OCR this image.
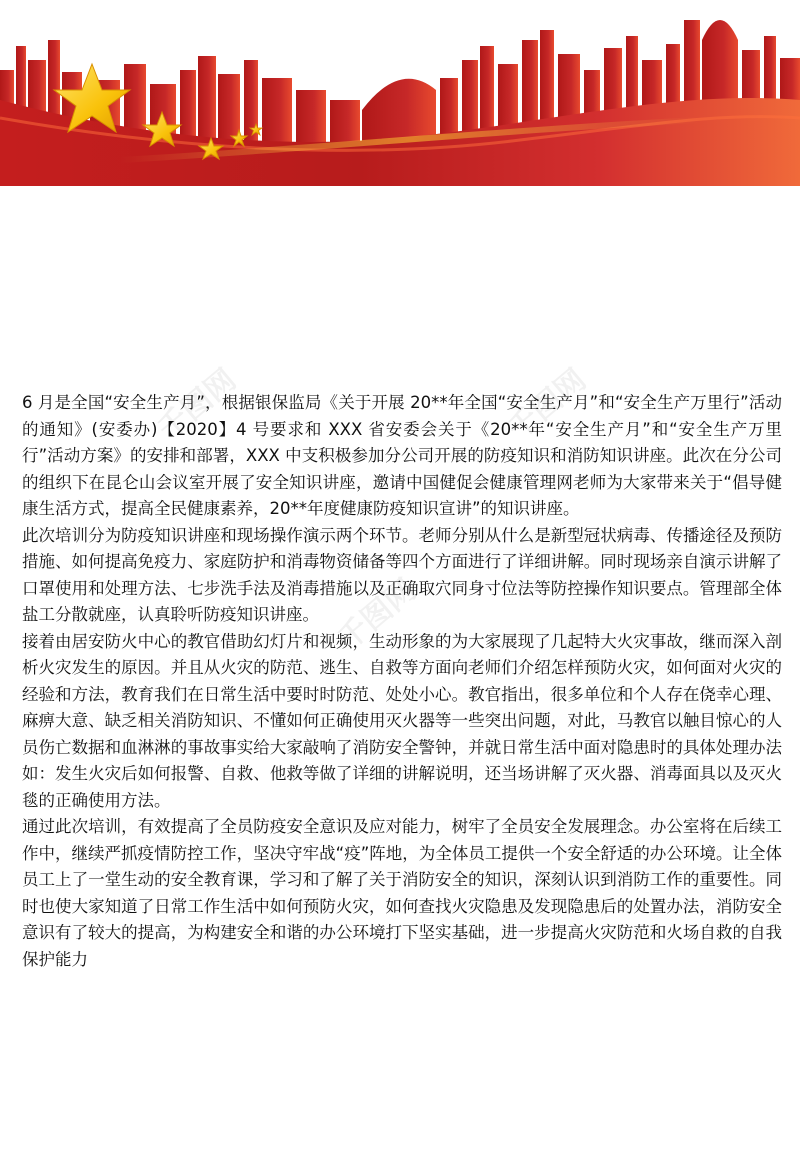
千图网	千图网
千图网

6 月是全国“安全生产月”，根据银保监局《关于开展 20**年全国“安全生产月”和“安全生产万里行”活动的通知》(安委办)【2020】4 号要求和 XXX 省安委会关于《20**年“安全生产月”和“安全生产万里行”活动方案》的安排和部署，XXX 中支积极参加分公司开展的防疫知识和消防知识讲座。此次在分公司的组织下在昆仑山会议室开展了安全知识讲座，邀请中国健促会健康管理网老师为大家带来关于“倡导健康生活方式，提高全民健康素养，20**年度健康防疫知识宣讲”的知识讲座。

此次培训分为防疫知识讲座和现场操作演示两个环节。老师分别从什么是新型冠状病毒、传播途径及预防措施、如何提高免疫力、家庭防护和消毒物资储备等四个方面进行了详细讲解。同时现场亲自演示讲解了口罩使用和处理方法、七步洗手法及消毒措施以及正确取穴同身寸位法等防控操作知识要点。管理部全体盐工分散就座，认真聆听防疫知识讲座。

接着由居安防火中心的教官借助幻灯片和视频，生动形象的为大家展现了几起特大火灾事故，继而深入剖析火灾发生的原因。并且从火灾的防范、逃生、自救等方面向老师们介绍怎样预防火灾，如何面对火灾的经验和方法，教育我们在日常生活中要时时防范、处处小心。教官指出，很多单位和个人存在侥幸心理、麻痹大意、缺乏相关消防知识、不懂如何正确使用灭火器等一些突出问题，对此，马教官以触目惊心的人员伤亡数据和血淋淋的事故事实给大家敲响了消防安全警钟，并就日常生活中面对隐患时的具体处理办法如：发生火灾后如何报警、自救、他救等做了详细的讲解说明，还当场讲解了灭火器、消毒面具以及灭火毯的正确使用方法。

通过此次培训，有效提高了全员防疫安全意识及应对能力，树牢了全员安全发展理念。办公室将在后续工作中，继续严抓疫情防控工作，坚决守牢战“疫”阵地，为全体员工提供一个安全舒适的办公环境。让全体员工上了一堂生动的安全教育课，学习和了解了关于消防安全的知识，深刻认识到消防工作的重要性。同时也使大家知道了日常工作生活中如何预防火灾，如何查找火灾隐患及发现隐患后的处置办法，消防安全意识有了较大的提高，为构建安全和谐的办公环境打下坚实基础，进一步提高火灾防范和火场自救的自我保护能力
